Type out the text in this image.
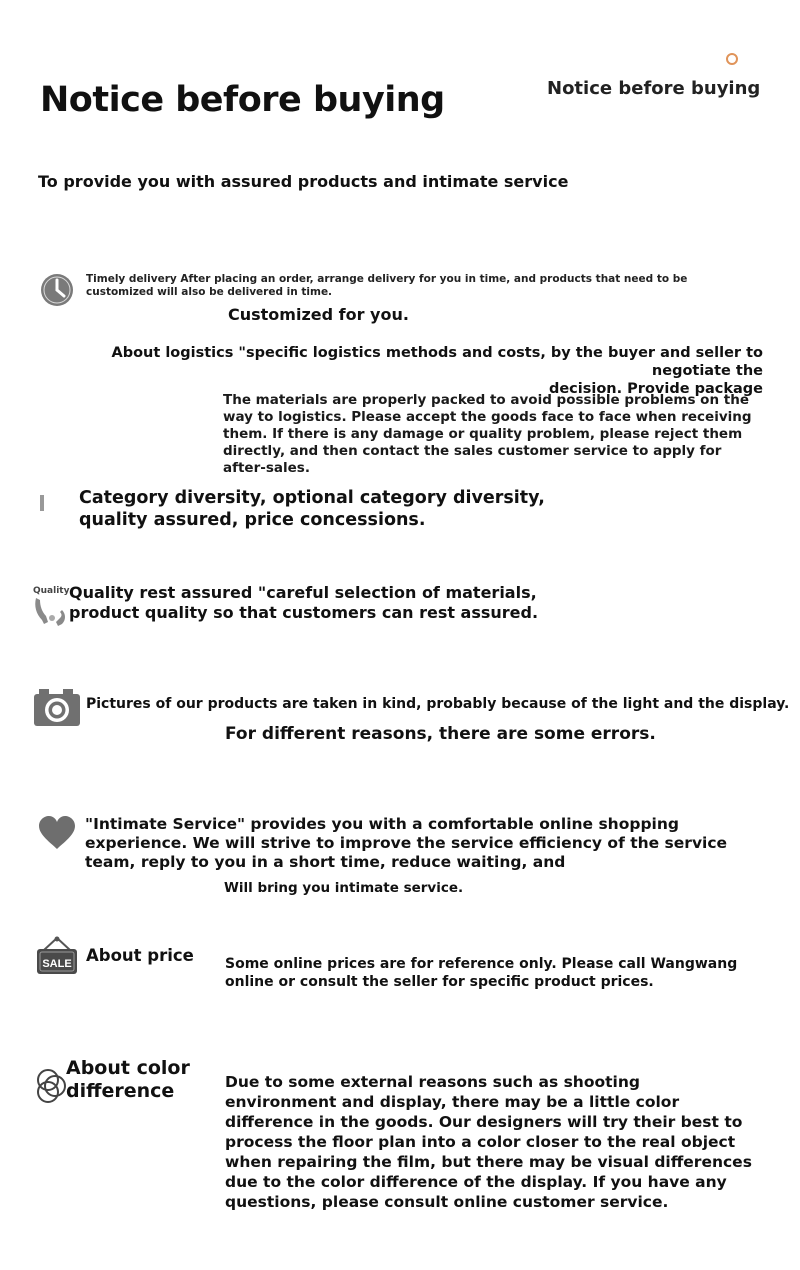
Notice before buying	Notice before buying
To provide you with assured products and intimate service
Timely delivery After placing an order, arrange delivery for you in time, and products that need to be customized will also be delivered in time.
Customized for you.
About logistics "specific logistics methods and costs, by the buyer and seller to negotiate the
decision. Provide package
The materials are properly packed to avoid possible problems on the way to logistics. Please accept the goods face to face when receiving them. If there is any damage or quality problem, please reject them directly, and then contact the sales customer service to apply for after-sales.
Category diversity, optional category diversity, quality assured, price concessions.
Quality Quality rest assured "careful selection of materials, product quality so that customers can rest assured.
Pictures of our products are taken in kind, probably because of the light and the display.
For different reasons, there are some errors.
"Intimate Service" provides you with a comfortable online shopping experience. We will strive to improve the service efficiency of the service team, reply to you in a short time, reduce waiting, and
Will bring you intimate service.
SALE About price Some online prices are for reference only. Please call Wangwang online or consult the seller for specific product prices.
About color difference	Due to some external reasons such as shooting environment and display, there may be a little color difference in the goods. Our designers will try their best to process the floor plan into a color closer to the real object when repairing the film, but there may be visual differences due to the color difference of the display. If you have any questions, please consult online customer service.
